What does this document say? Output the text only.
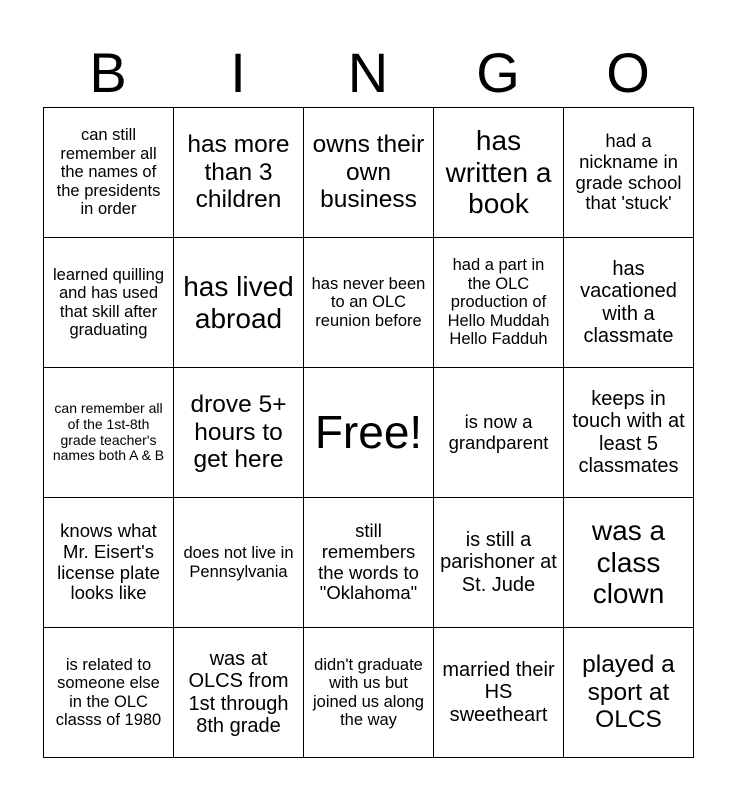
B	I	N	G	O
can still remember all the names of the presidents in order	has more than 3 children	owns their own business	has written a book	had a nickname in grade school that 'stuck'
learned quilling and has used that skill after graduating	has lived abroad	has never been to an OLC reunion before	had a part in the OLC production of Hello Muddah Hello Fadduh	has vacationed with a classmate
can remember all of the 1st-8th grade teacher's names both A & B	drove 5+ hours to get here	Free!	is now a grandparent	keeps in touch with at least 5 classmates
knows what Mr. Eisert's license plate looks like	does not live in Pennsylvania	still remembers the words to "Oklahoma"	is still a parishoner at St. Jude	was a class clown
is related to someone else in the OLC classs of 1980	was at OLCS from 1st through 8th grade	didn't graduate with us but joined us along the way	married their HS sweetheart	played a sport at OLCS
